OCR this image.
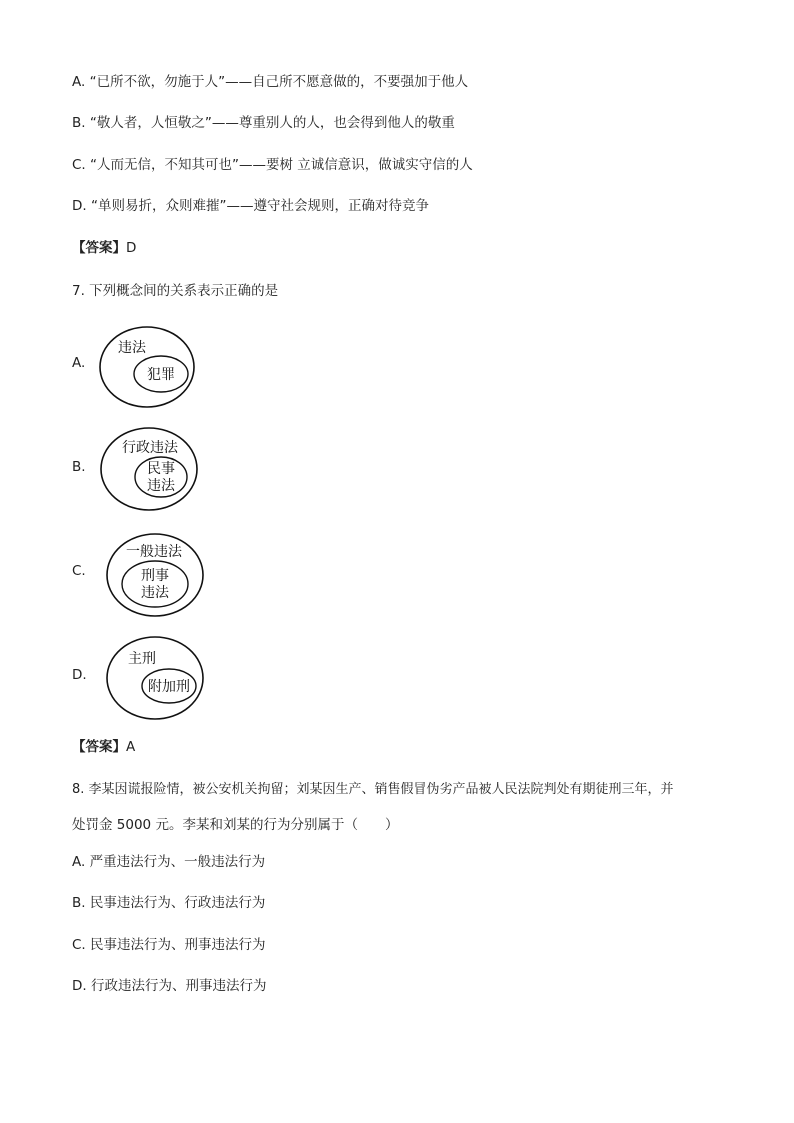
A. “已所不欲，勿施于人”——自己所不愿意做的，不要强加于他人
B. “敬人者，人恒敬之”——尊重别人的人，也会得到他人的敬重
C. “人而无信，不知其可也”——要树 立诚信意识，做诚实守信的人
D. “单则易折，众则难摧”——遵守社会规则，正确对待竞争
【答案】D
7. 下列概念间的关系表示正确的是
A.
违法
犯罪
B.
行政违法
民事
违法
C.
一般违法
刑事
违法
D.
主刑
附加刑
【答案】A
8. 李某因谎报险情，被公安机关拘留；刘某因生产、销售假冒伪劣产品被人民法院判处有期徒刑三年，并
处罚金 5000 元。李某和刘某的行为分别属于（　　）
A. 严重违法行为、一般违法行为
B. 民事违法行为、行政违法行为
C. 民事违法行为、刑事违法行为
D. 行政违法行为、刑事违法行为
